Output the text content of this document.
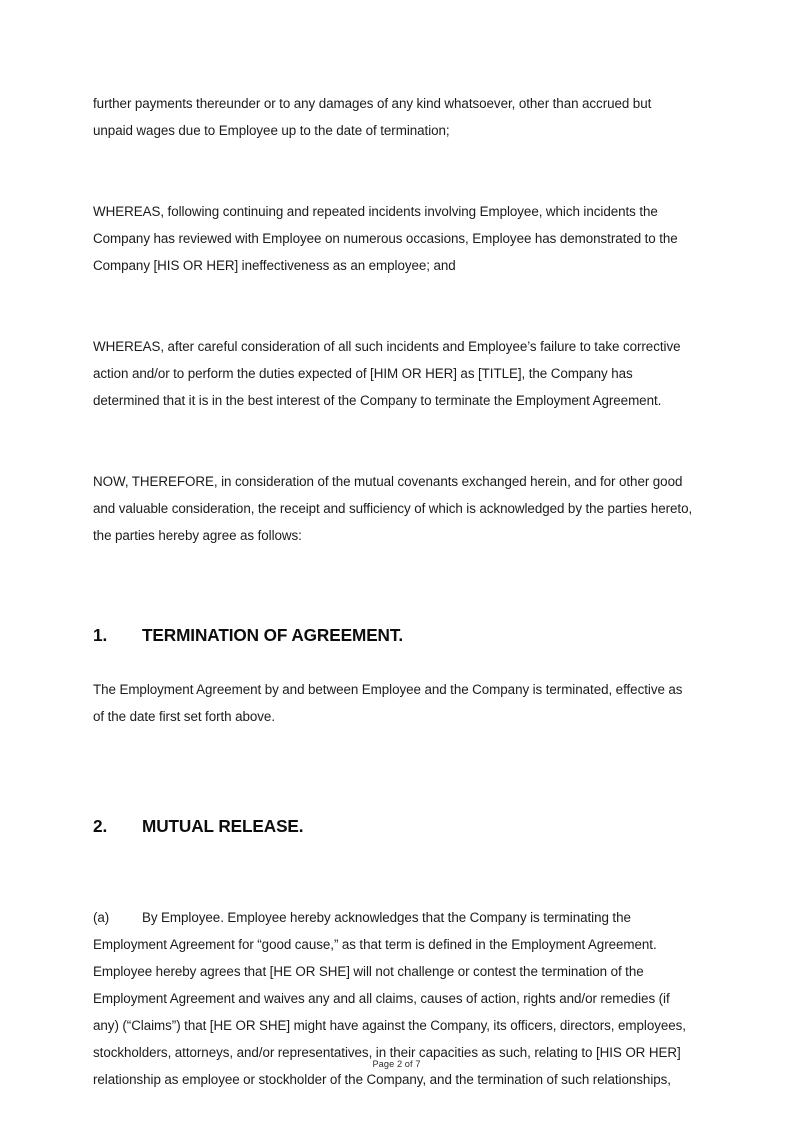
further payments thereunder or to any damages of any kind whatsoever, other than accrued but unpaid wages due to Employee up to the date of termination;

WHEREAS, following continuing and repeated incidents involving Employee, which incidents the Company has reviewed with Employee on numerous occasions, Employee has demonstrated to the Company [HIS OR HER] ineffectiveness as an employee; and

WHEREAS, after careful consideration of all such incidents and Employee’s failure to take corrective action and/or to perform the duties expected of [HIM OR HER] as [TITLE], the Company has determined that it is in the best interest of the Company to terminate the Employment Agreement.

NOW, THEREFORE, in consideration of the mutual covenants exchanged herein, and for other good and valuable consideration, the receipt and sufficiency of which is acknowledged by the parties hereto, the parties hereby agree as follows:

1. TERMINATION OF AGREEMENT.

The Employment Agreement by and between Employee and the Company is terminated, effective as of the date first set forth above.

2. MUTUAL RELEASE.

(a) By Employee. Employee hereby acknowledges that the Company is terminating the Employment Agreement for “good cause,” as that term is defined in the Employment Agreement. Employee hereby agrees that [HE OR SHE] will not challenge or contest the termination of the Employment Agreement and waives any and all claims, causes of action, rights and/or remedies (if any) (“Claims”) that [HE OR SHE] might have against the Company, its officers, directors, employees, stockholders, attorneys, and/or representatives, in their capacities as such, relating to [HIS OR HER] relationship as employee or stockholder of the Company, and the termination of such relationships,

Page 2 of 7
